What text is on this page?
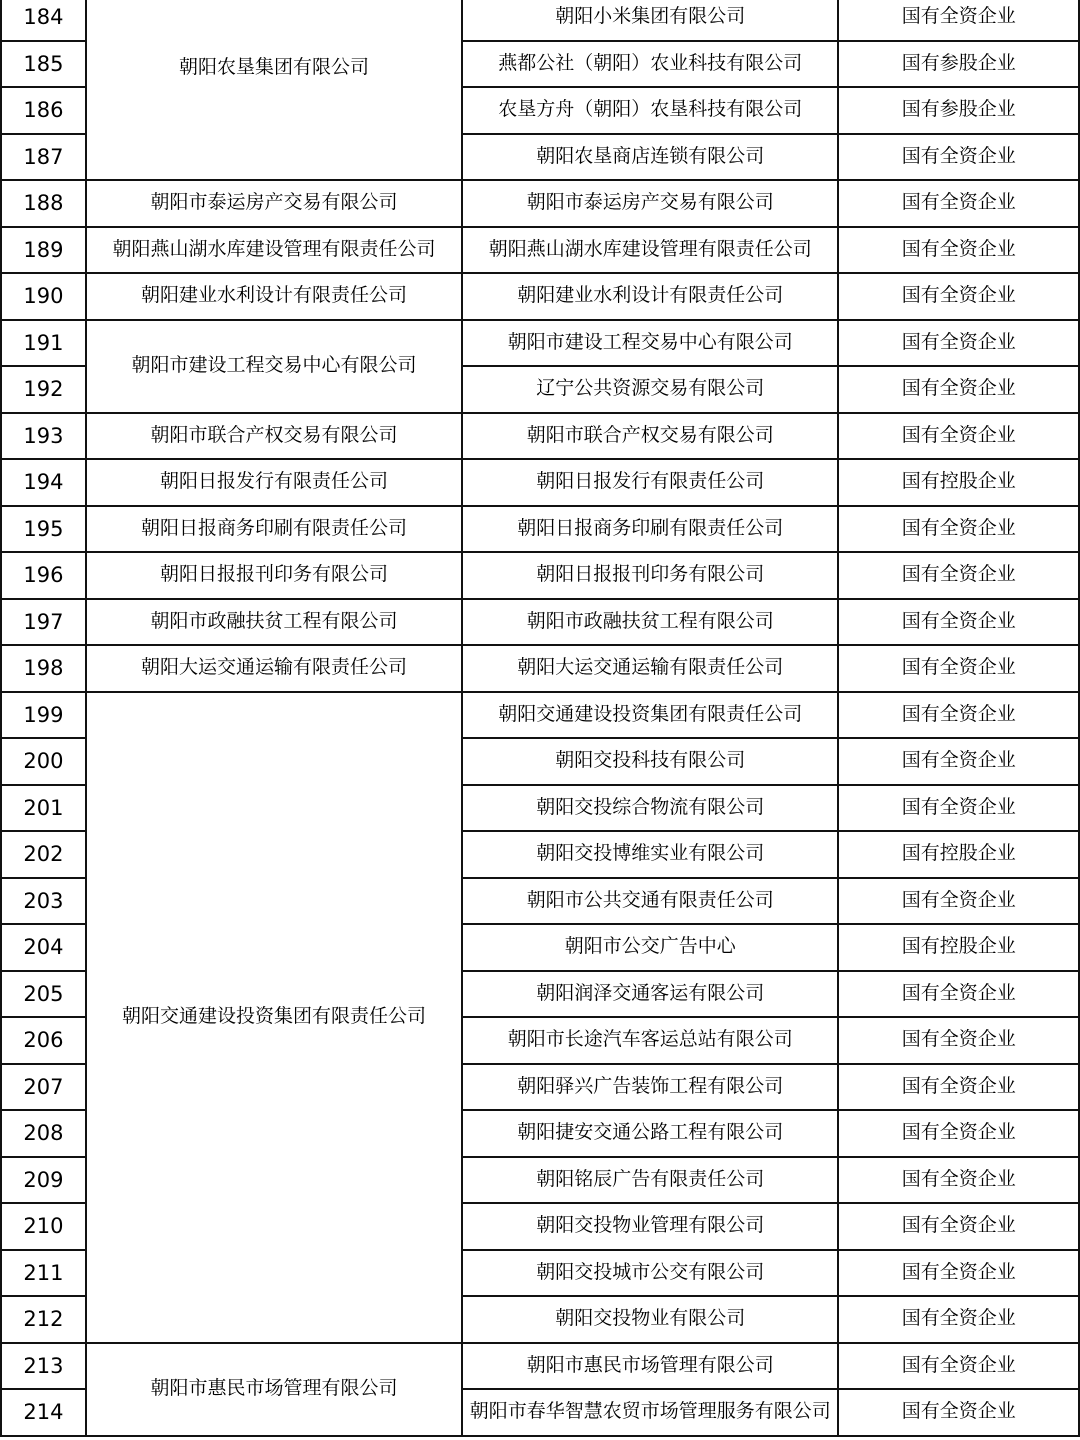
184	朝阳农垦集团有限公司	朝阳小米集团有限公司	国有全资企业
185		燕都公社（朝阳）农业科技有限公司	国有参股企业
186		农垦方舟（朝阳）农垦科技有限公司	国有参股企业
187		朝阳农垦商店连锁有限公司	国有全资企业
188	朝阳市泰运房产交易有限公司	朝阳市泰运房产交易有限公司	国有全资企业
189	朝阳燕山湖水库建设管理有限责任公司	朝阳燕山湖水库建设管理有限责任公司	国有全资企业
190	朝阳建业水利设计有限责任公司	朝阳建业水利设计有限责任公司	国有全资企业
191	朝阳市建设工程交易中心有限公司	朝阳市建设工程交易中心有限公司	国有全资企业
192		辽宁公共资源交易有限公司	国有全资企业
193	朝阳市联合产权交易有限公司	朝阳市联合产权交易有限公司	国有全资企业
194	朝阳日报发行有限责任公司	朝阳日报发行有限责任公司	国有控股企业
195	朝阳日报商务印刷有限责任公司	朝阳日报商务印刷有限责任公司	国有全资企业
196	朝阳日报报刊印务有限公司	朝阳日报报刊印务有限公司	国有全资企业
197	朝阳市政融扶贫工程有限公司	朝阳市政融扶贫工程有限公司	国有全资企业
198	朝阳大运交通运输有限责任公司	朝阳大运交通运输有限责任公司	国有全资企业
199	朝阳交通建设投资集团有限责任公司	朝阳交通建设投资集团有限责任公司	国有全资企业
200		朝阳交投科技有限公司	国有全资企业
201		朝阳交投综合物流有限公司	国有全资企业
202		朝阳交投博维实业有限公司	国有控股企业
203		朝阳市公共交通有限责任公司	国有全资企业
204		朝阳市公交广告中心	国有控股企业
205		朝阳润泽交通客运有限公司	国有全资企业
206		朝阳市长途汽车客运总站有限公司	国有全资企业
207		朝阳驿兴广告装饰工程有限公司	国有全资企业
208		朝阳捷安交通公路工程有限公司	国有全资企业
209		朝阳铭辰广告有限责任公司	国有全资企业
210		朝阳交投物业管理有限公司	国有全资企业
211		朝阳交投城市公交有限公司	国有全资企业
212		朝阳交投物业有限公司	国有全资企业
213	朝阳市惠民市场管理有限公司	朝阳市惠民市场管理有限公司	国有全资企业
214		朝阳市春华智慧农贸市场管理服务有限公司	国有全资企业
